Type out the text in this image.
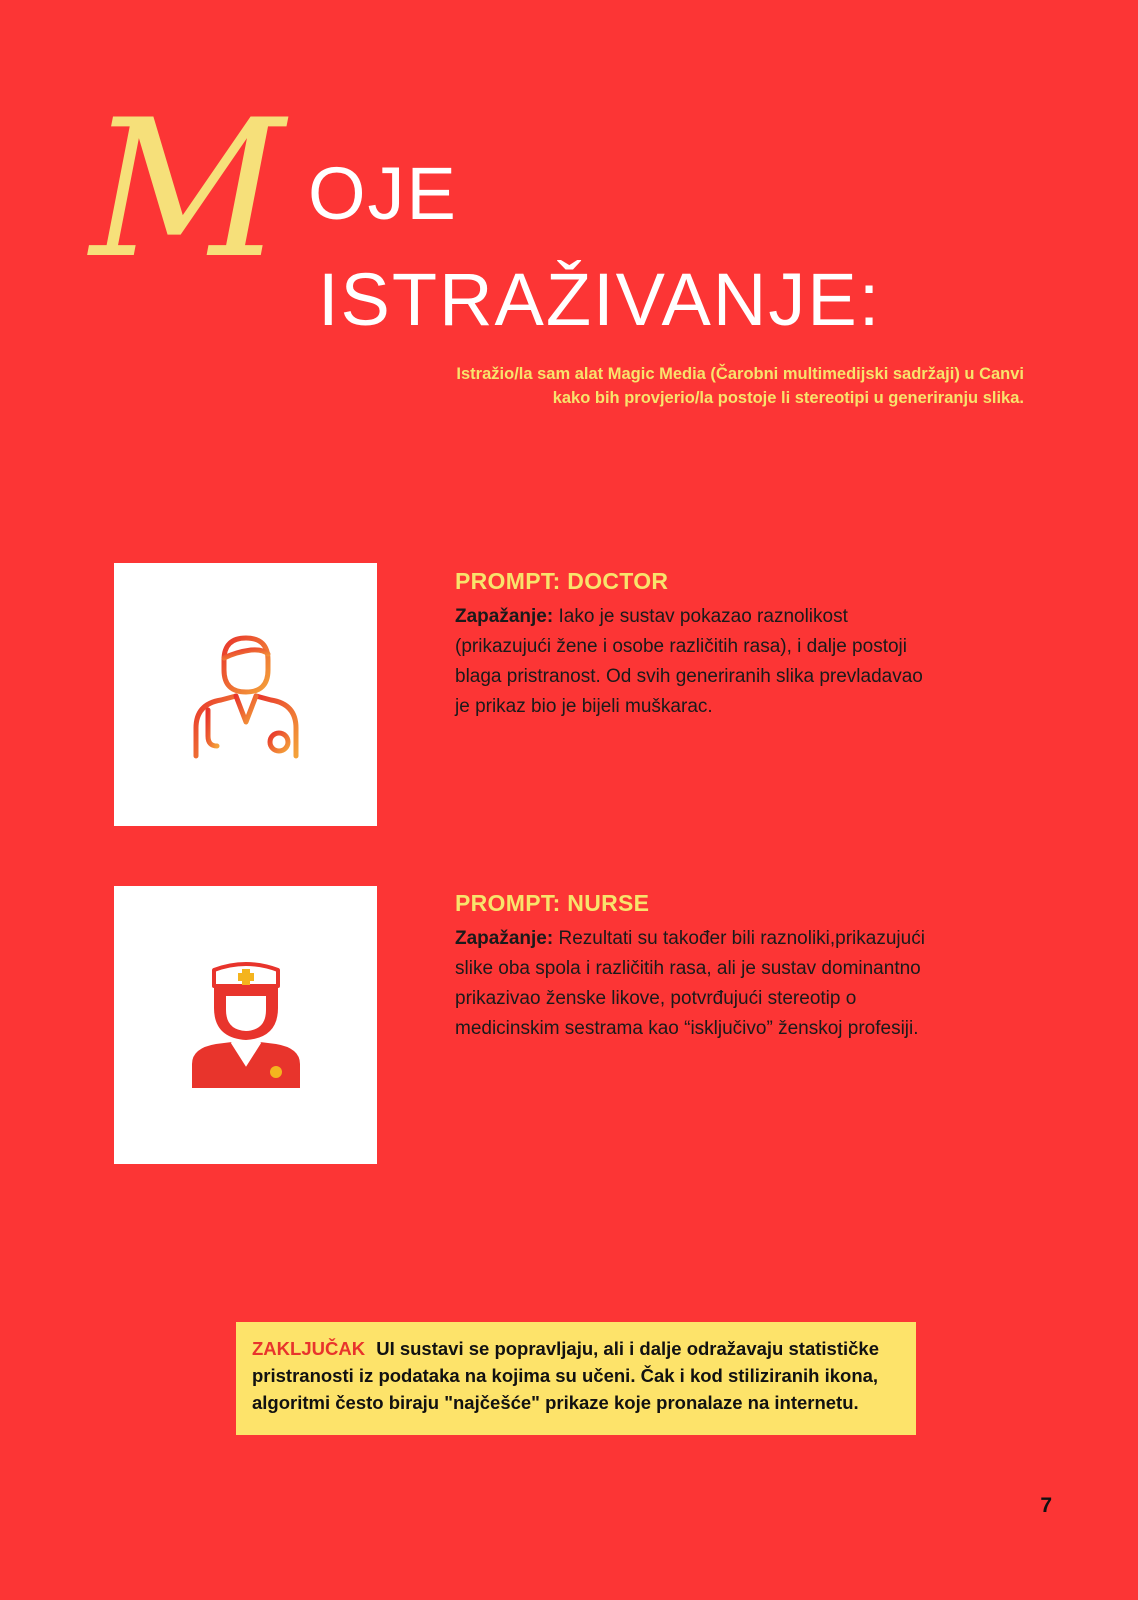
M OJE
ISTRAŽIVANJE:
Istražio/la sam alat Magic Media (Čarobni multimedijski sadržaji) u Canvi kako bih provjerio/la postoje li stereotipi u generiranju slika.
PROMPT: DOCTOR
Zapažanje: Iako je sustav pokazao raznolikost (prikazujući žene i osobe različitih rasa), i dalje postoji blaga pristranost. Od svih generiranih slika prevladavao je prikaz bio je bijeli muškarac.
PROMPT: NURSE
Zapažanje: Rezultati su također bili raznoliki,prikazujući slike oba spola i različitih rasa, ali je sustav dominantno prikazivao ženske likove, potvrđujući stereotip o medicinskim sestrama kao “isključivo” ženskoj profesiji.
ZAKLJUČAK UI sustavi se popravljaju, ali i dalje odražavaju statističke pristranosti iz podataka na kojima su učeni. Čak i kod stiliziranih ikona, algoritmi često biraju "najčešće" prikaze koje pronalaze na internetu.
7
